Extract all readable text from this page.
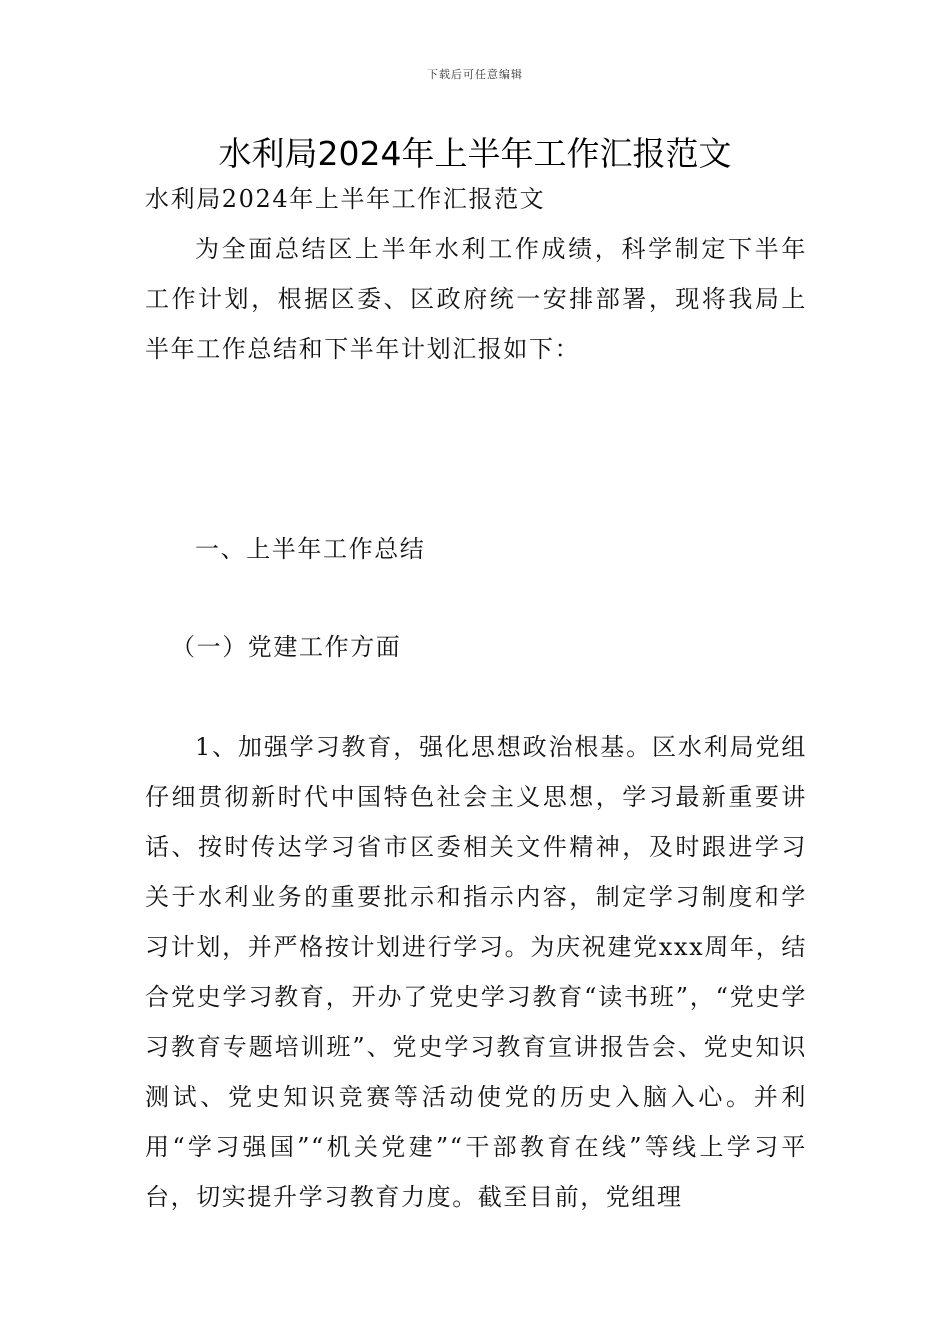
下载后可任意编辑
水利局2024年上半年工作汇报范文

水利局2024年上半年工作汇报范文

为全面总结区上半年水利工作成绩，科学制定下半年工作计划，根据区委、区政府统一安排部署，现将我局上半年工作总结和下半年计划汇报如下：

一、上半年工作总结

（一）党建工作方面

1、加强学习教育，强化思想政治根基。区水利局党组仔细贯彻新时代中国特色社会主义思想，学习最新重要讲话、按时传达学习省市区委相关文件精神，及时跟进学习关于水利业务的重要批示和指示内容，制定学习制度和学习计划，并严格按计划进行学习。为庆祝建党xxx周年，结合党史学习教育，开办了党史学习教育“读书班”，“党史学习教育专题培训班”、党史学习教育宣讲报告会、党史知识测试、党史知识竞赛等活动使党的历史入脑入心。并利用“学习强国”“机关党建”“干部教育在线”等线上学习平台，切实提升学习教育力度。截至目前，党组理
